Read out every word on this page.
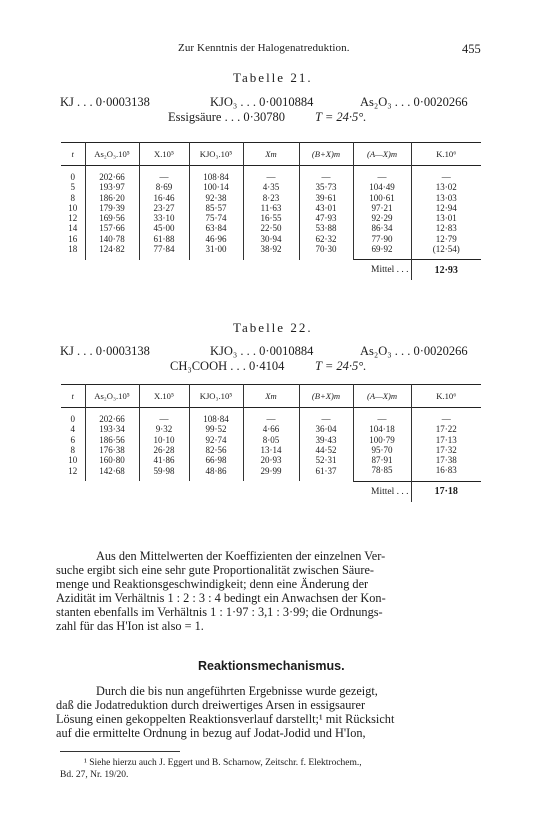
Zur Kenntnis der Halogenatreduktion.	455
Tabelle 21.
KJ . . . 0·0003138	KJO₃ . . . 0·0010884	As₂O₃ . . . 0·0020266
Essigsäure . . . 0·30780 T = 24·5°.
t	As₂O₃.10⁵	X.10⁵	KJO₃.10⁵	Xm	(B+X)m	(A—X)m	K.10⁶
0	202·66	—	108·84	—	—	—	—
5	193·97	8·69	100·14	4·35	35·73	104·49	13·02
8	186·20	16·46	92·38	8·23	39·61	100·61	13·03
10	179·39	23·27	85·57	11·63	43·01	97·21	12·94
12	169·56	33·10	75·74	16·55	47·93	92·29	13·01
14	157·66	45·00	63·84	22·50	53·88	86·34	12·83
16	140·78	61·88	46·96	30·94	62·32	77·90	12·79
18	124·82	77·84	31·00	38·92	70·30	69·92	(12·54)
						Mittel . . .	12·93
Tabelle 22.
KJ . . . 0·0003138	KJO₃ . . . 0·0010884	As₂O₃ . . . 0·0020266
CH₃COOH . . . 0·4104 T = 24·5°.
t	As₂O₃.10⁵	X.10⁵	KJO₃.10⁵	Xm	(B+X)m	(A—X)m	K.10⁶
0	202·66	—	108·84	—	—	—	—
4	193·34	9·32	99·52	4·66	36·04	104·18	17·22
6	186·56	10·10	92·74	8·05	39·43	100·79	17·13
8	176·38	26·28	82·56	13·14	44·52	95·70	17·32
10	160·80	41·86	66·98	20·93	52·31	87·91	17·38
12	142·68	59·98	48·86	29·99	61·37	78·85	16·83
						Mittel . . .	17·18
Aus den Mittelwerten der Koeffizienten der einzelnen Ver-
suche ergibt sich eine sehr gute Proportionalität zwischen Säure-
menge und Reaktionsgeschwindigkeit; denn eine Änderung der
Azidität im Verhältnis 1 : 2 : 3 : 4 bedingt ein Anwachsen der Kon-
stanten ebenfalls im Verhältnis 1 : 1·97 : 3,1 : 3·99; die Ordnungs-
zahl für das H'Ion ist also = 1.
Reaktionsmechanismus.
Durch die bis nun angeführten Ergebnisse wurde gezeigt,
daß die Jodatreduktion durch dreiwertiges Arsen in essigsaurer
Lösung einen gekoppelten Reaktionsverlauf darstellt;¹ mit Rücksicht
auf die ermittelte Ordnung in bezug auf Jodat-Jodid und H'Ion,
¹ Siehe hierzu auch J. Eggert und B. Scharnow, Zeitschr. f. Elektrochem.,
Bd. 27, Nr. 19/20.
